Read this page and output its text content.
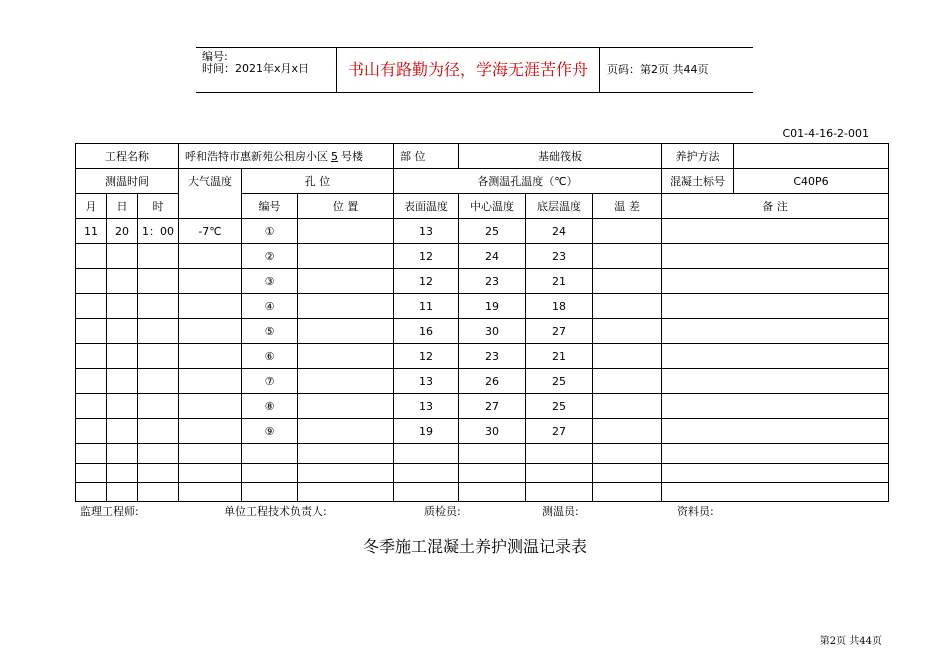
编号:
时间：2021年x月x日	书山有路勤为径，学海无涯苦作舟	页码：第2页 共44页
C01-4-16-2-001
工程名称			呼和浩特市惠新苑公租房小区 5 号楼			部 位	基础筏板			养护方法	
测温时间			大气温度	孔 位		各测温孔温度（℃）				混凝土标号	C40P6
月	日	时		编号	位 置	表面温度	中心温度	底层温度	温 差	备 注	
11	20	1：00	-7℃	①		13	25	24			
				②		12	24	23			
				③		12	23	21			
				④		11	19	18			
				⑤		16	30	27			
				⑥		12	23	21			
				⑦		13	26	25			
				⑧		13	27	25			
				⑨		19	30	27			

监理工程师:	单位工程技术负责人:	质检员:	测温员:	资料员:
冬季施工混凝土养护测温记录表
第2页 共44页
